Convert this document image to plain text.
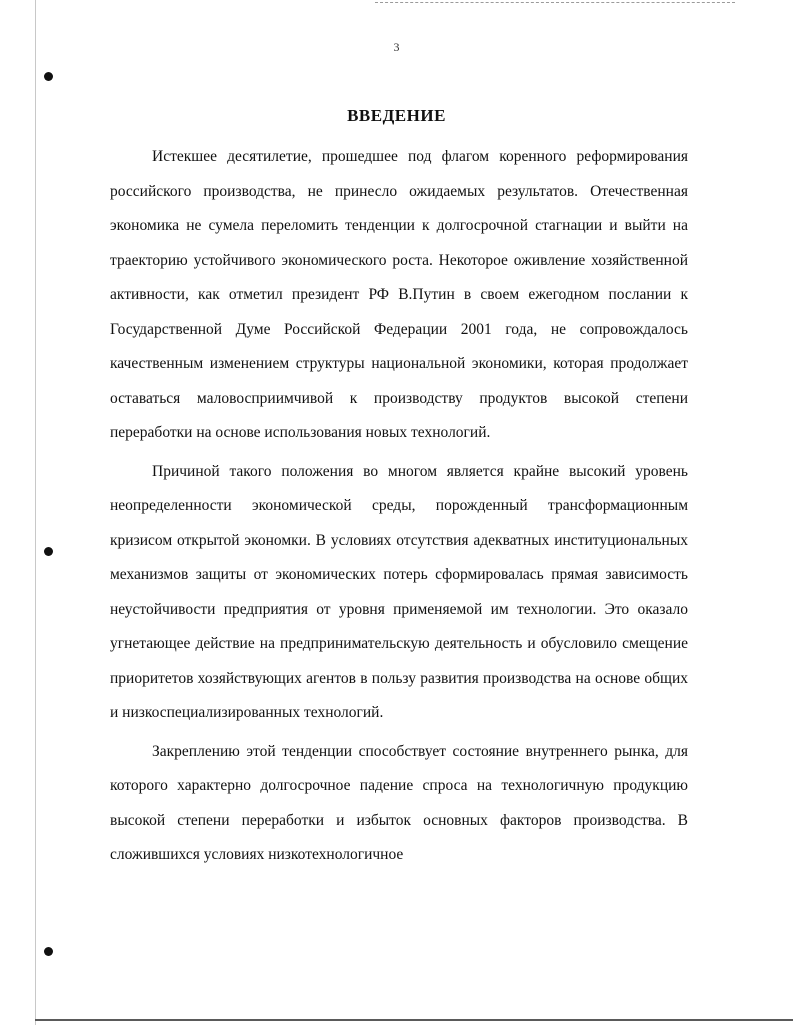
3
ВВЕДЕНИЕ

Истекшее десятилетие, прошедшее под флагом коренного реформирования российского производства, не принесло ожидаемых результатов. Отечественная экономика не сумела переломить тенденции к долгосрочной стагнации и выйти на траекторию устойчивого экономического роста. Некоторое оживление хозяйственной активности, как отметил президент РФ В.Путин в своем ежегодном послании к Государственной Думе Российской Федерации 2001 года, не сопровождалось качественным изменением структуры национальной экономики, которая продолжает оставаться маловосприимчивой к производству продуктов высокой степени переработки на основе использования новых технологий.

Причиной такого положения во многом является крайне высокий уровень неопределенности экономической среды, порожденный трансформационным кризисом открытой экономки. В условиях отсутствия адекватных институциональных механизмов защиты от экономических потерь сформировалась прямая зависимость неустойчивости предприятия от уровня применяемой им технологии. Это оказало угнетающее действие на предпринимательскую деятельность и обусловило смещение приоритетов хозяйствующих агентов в пользу развития производства на основе общих и низкоспециализированных технологий.

Закреплению этой тенденции способствует состояние внутреннего рынка, для которого характерно долгосрочное падение спроса на технологичную продукцию высокой степени переработки и избыток основных факторов производства. В сложившихся условиях низкотехнологичное
